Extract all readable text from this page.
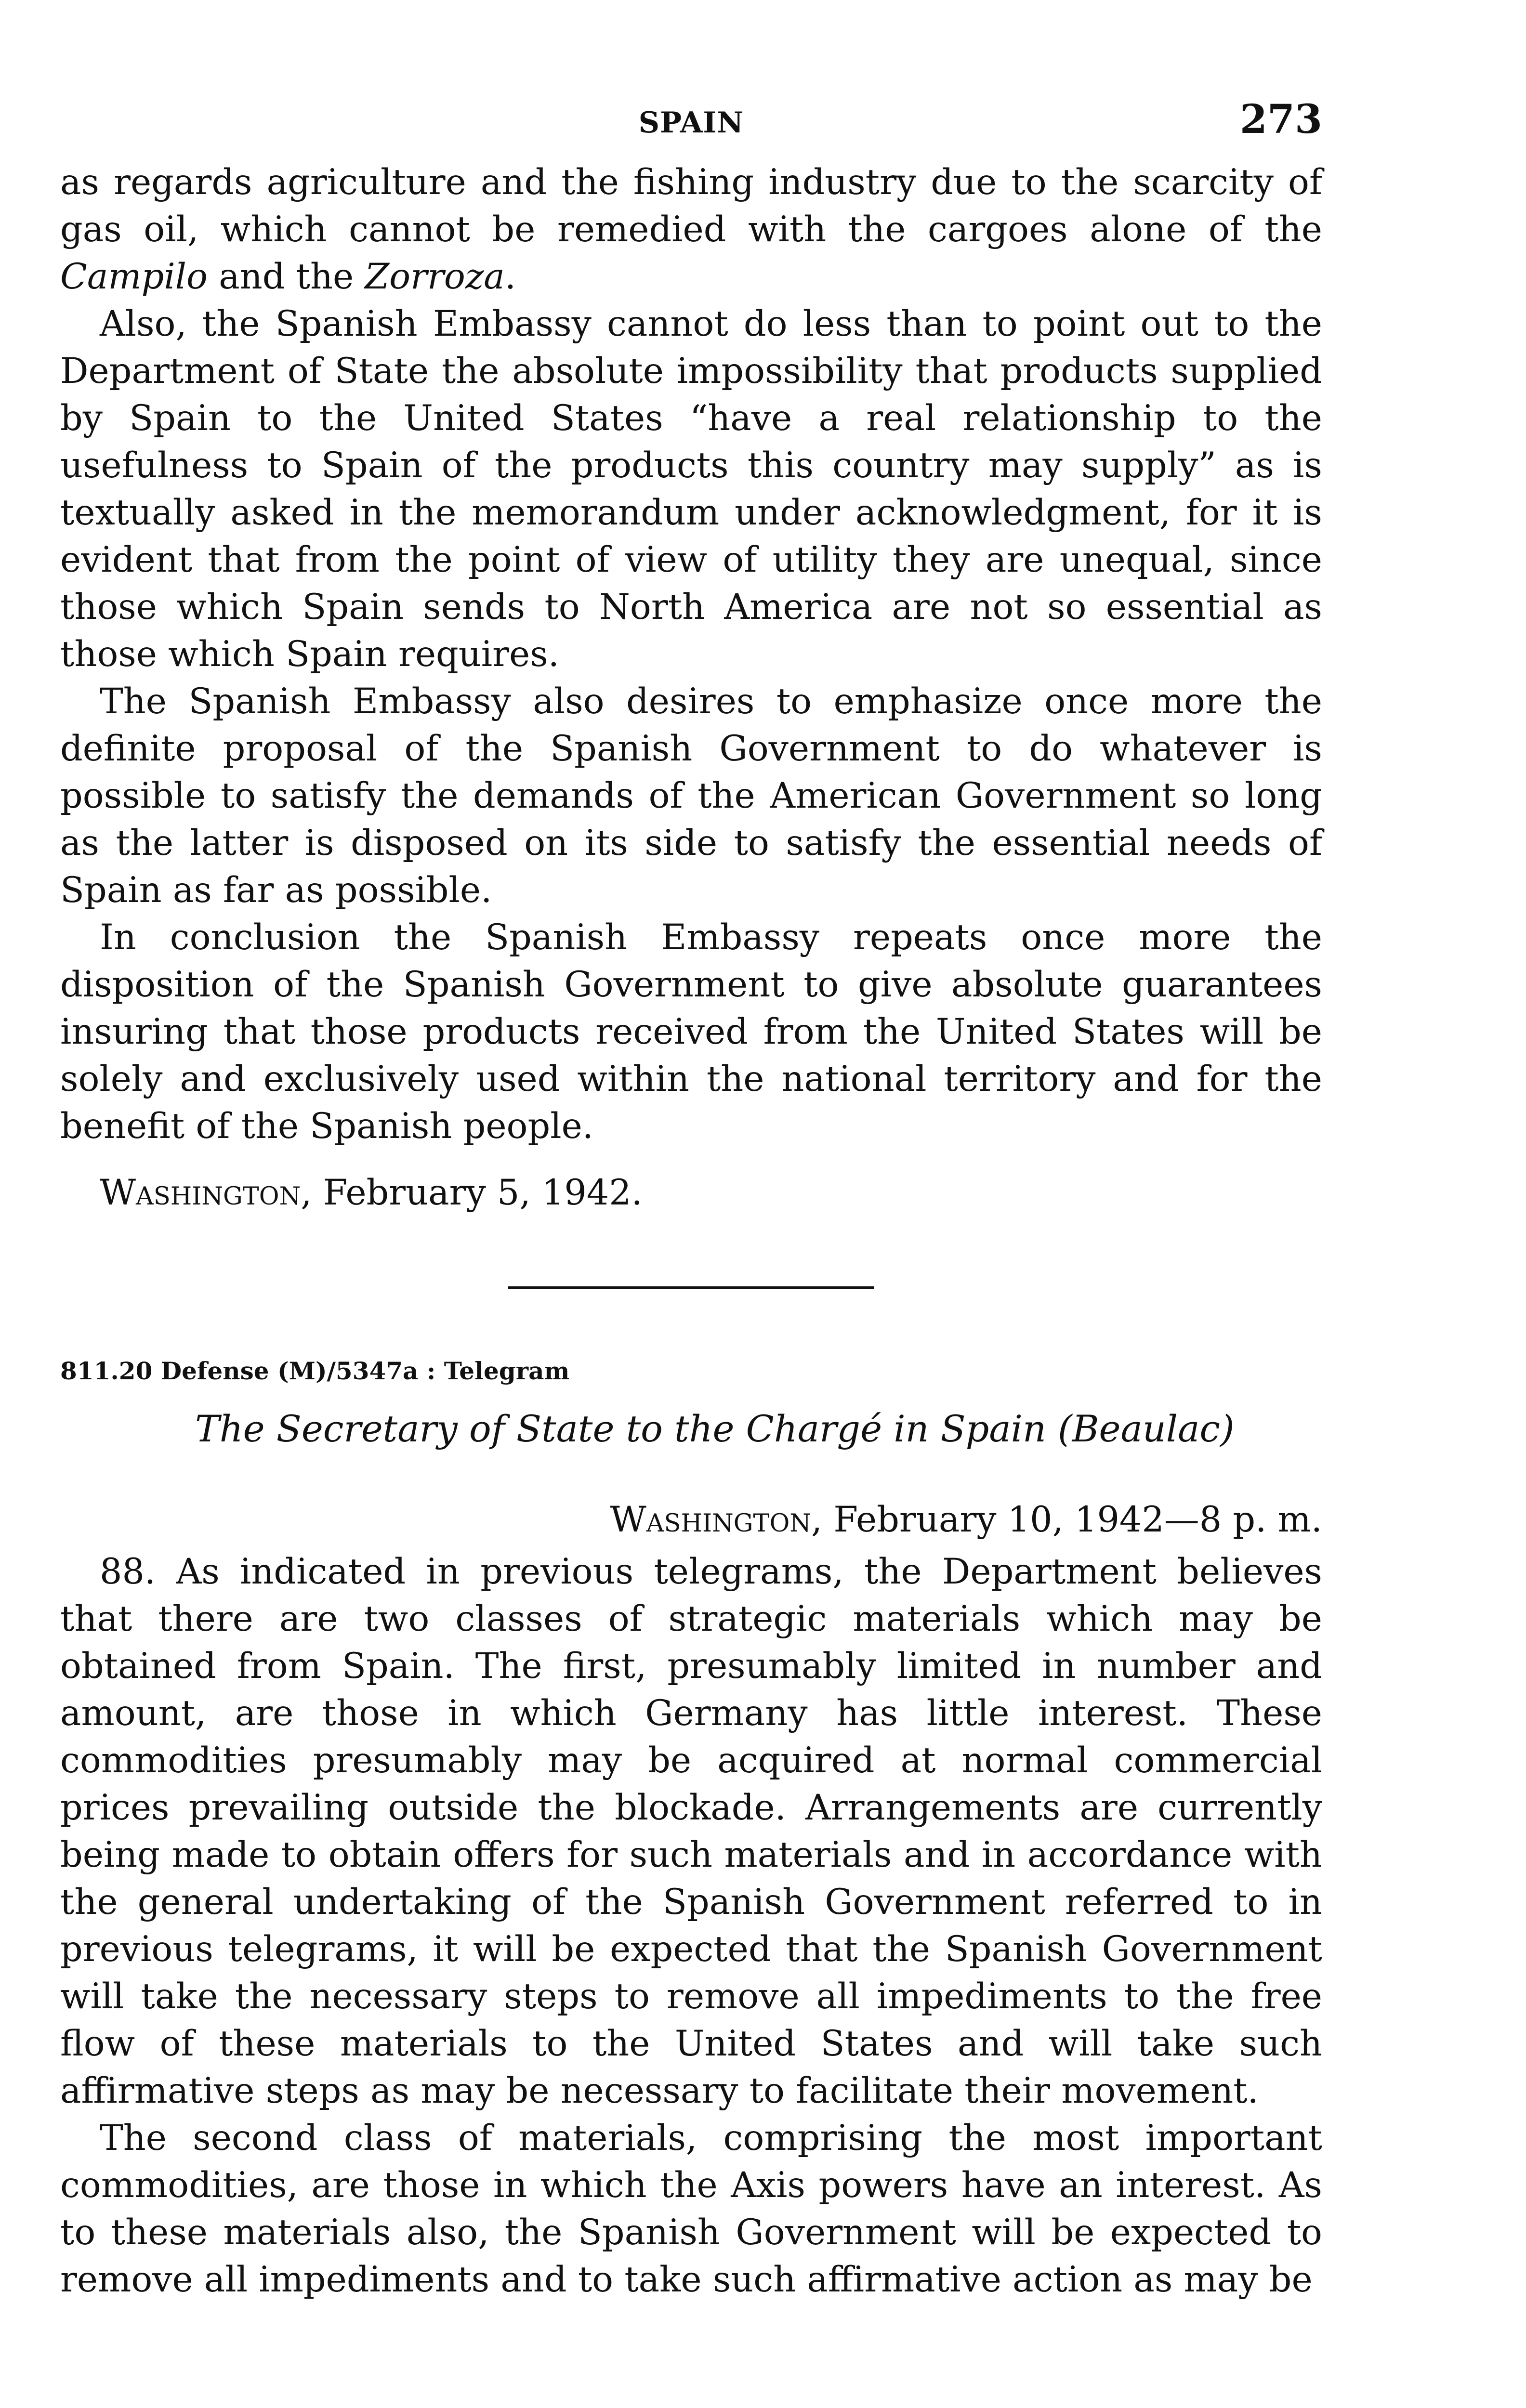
SPAIN	273

as regards agriculture and the fishing industry due to the scarcity of gas oil, which cannot be remedied with the cargoes alone of the Campilo and the Zorroza.

Also, the Spanish Embassy cannot do less than to point out to the Department of State the absolute impossibility that products supplied by Spain to the United States “have a real relationship to the usefulness to Spain of the products this country may supply” as is textually asked in the memorandum under acknowledgment, for it is evident that from the point of view of utility they are unequal, since those which Spain sends to North America are not so essential as those which Spain requires.

The Spanish Embassy also desires to emphasize once more the definite proposal of the Spanish Government to do whatever is possible to satisfy the demands of the American Government so long as the latter is disposed on its side to satisfy the essential needs of Spain as far as possible.

In conclusion the Spanish Embassy repeats once more the disposition of the Spanish Government to give absolute guarantees insuring that those products received from the United States will be solely and exclusively used within the national territory and for the benefit of the Spanish people.

Washington, February 5, 1942.
811.20 Defense (M)/5347a : Telegram
The Secretary of State to the Chargé in Spain (Beaulac)
Washington, February 10, 1942—8 p. m.

88. As indicated in previous telegrams, the Department believes that there are two classes of strategic materials which may be obtained from Spain. The first, presumably limited in number and amount, are those in which Germany has little interest. These commodities presumably may be acquired at normal commercial prices prevailing outside the blockade. Arrangements are currently being made to obtain offers for such materials and in accordance with the general undertaking of the Spanish Government referred to in previous telegrams, it will be expected that the Spanish Government will take the necessary steps to remove all impediments to the free flow of these materials to the United States and will take such affirmative steps as may be necessary to facilitate their movement.

The second class of materials, comprising the most important commodities, are those in which the Axis powers have an interest. As to these materials also, the Spanish Government will be expected to remove all impediments and to take such affirmative action as may be
